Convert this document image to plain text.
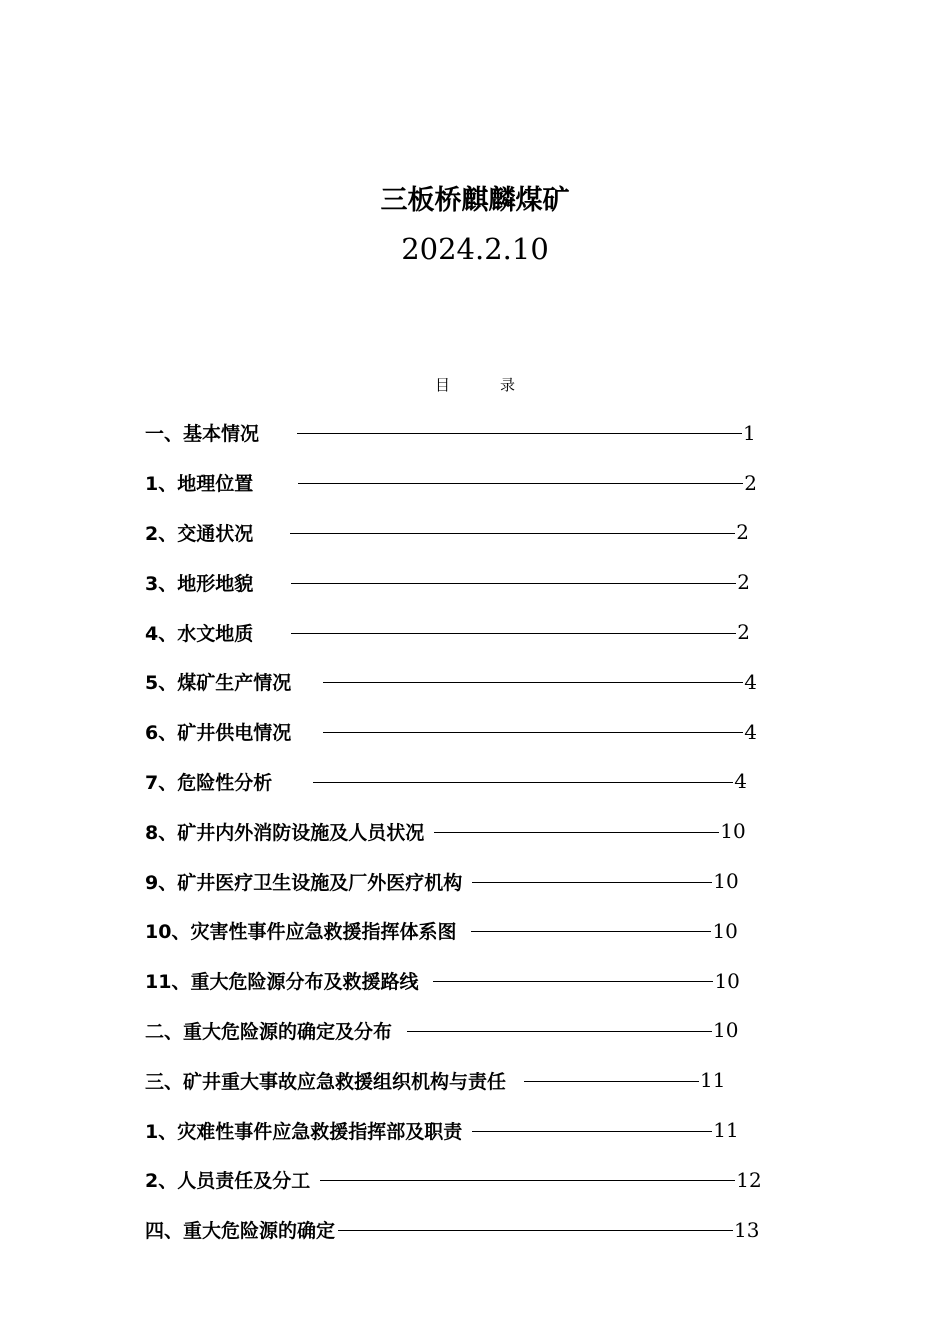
三板桥麒麟煤矿
2024.2.10
目	录
一、基本情况	1
1、地理位置	2
2、交通状况	2
3、地形地貌	2
4、水文地质	2
5、煤矿生产情况	4
6、矿井供电情况	4
7、危险性分析	4
8、矿井内外消防设施及人员状况	10
9、矿井医疗卫生设施及厂外医疗机构	10
10、灾害性事件应急救援指挥体系图	10
11、重大危险源分布及救援路线	10
二、重大危险源的确定及分布	10
三、矿井重大事故应急救援组织机构与责任	11
1、灾难性事件应急救援指挥部及职责	11
2、人员责任及分工	12
四、重大危险源的确定	13
